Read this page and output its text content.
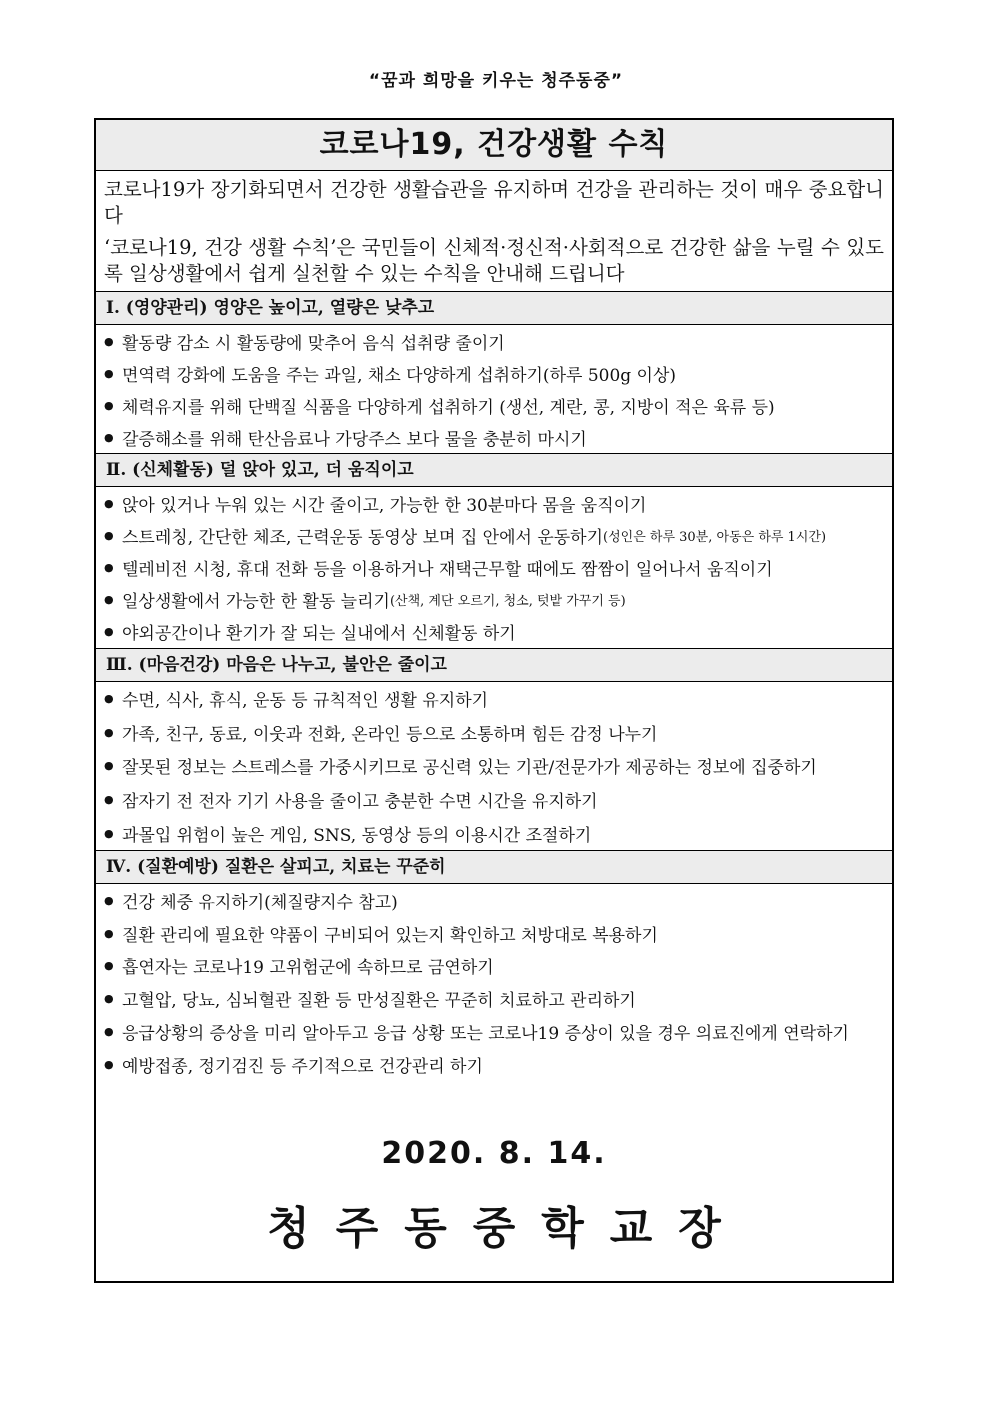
“꿈과 희망을 키우는 청주동중”
코로나19, 건강생활 수칙

코로나19가 장기화되면서 건강한 생활습관을 유지하며 건강을 관리하는 것이 매우 중요합니다

‘코로나19, 건강 생활 수칙’은 국민들이 신체적·정신적·사회적으로 건강한 삶을 누릴 수 있도록 일상생활에서 쉽게 실천할 수 있는 수칙을 안내해 드립니다

Ⅰ. (영양관리) 영양은 높이고, 열량은 낮추고
● 활동량 감소 시 활동량에 맞추어 음식 섭취량 줄이기
● 면역력 강화에 도움을 주는 과일, 채소 다양하게 섭취하기(하루 500g 이상)
● 체력유지를 위해 단백질 식품을 다양하게 섭취하기 (생선, 계란, 콩, 지방이 적은 육류 등)
● 갈증해소를 위해 탄산음료나 가당주스 보다 물을 충분히 마시기
Ⅱ. (신체활동) 덜 앉아 있고, 더 움직이고
● 앉아 있거나 누워 있는 시간 줄이고, 가능한 한 30분마다 몸을 움직이기
● 스트레칭, 간단한 체조, 근력운동 동영상 보며 집 안에서 운동하기 (성인은 하루 30분, 아동은 하루 1시간)
● 텔레비전 시청, 휴대 전화 등을 이용하거나 재택근무할 때에도 짬짬이 일어나서 움직이기
● 일상생활에서 가능한 한 활동 늘리기 (산책, 계단 오르기, 청소, 텃밭 가꾸기 등)
● 야외공간이나 환기가 잘 되는 실내에서 신체활동 하기
Ⅲ. (마음건강) 마음은 나누고, 불안은 줄이고
● 수면, 식사, 휴식, 운동 등 규칙적인 생활 유지하기
● 가족, 친구, 동료, 이웃과 전화, 온라인 등으로 소통하며 힘든 감정 나누기
● 잘못된 정보는 스트레스를 가중시키므로 공신력 있는 기관/전문가가 제공하는 정보에 집중하기
● 잠자기 전 전자 기기 사용을 줄이고 충분한 수면 시간을 유지하기
● 과몰입 위험이 높은 게임, SNS, 동영상 등의 이용시간 조절하기
Ⅳ. (질환예방) 질환은 살피고, 치료는 꾸준히
● 건강 체중 유지하기(체질량지수 참고)
● 질환 관리에 필요한 약품이 구비되어 있는지 확인하고 처방대로 복용하기
● 흡연자는 코로나19 고위험군에 속하므로 금연하기
● 고혈압, 당뇨, 심뇌혈관 질환 등 만성질환은 꾸준히 치료하고 관리하기
● 응급상황의 증상을 미리 알아두고 응급 상황 또는 코로나19 증상이 있을 경우 의료진에게 연락하기
● 예방접종, 정기검진 등 주기적으로 건강관리 하기
2020. 8. 14.
청주동중학교장
